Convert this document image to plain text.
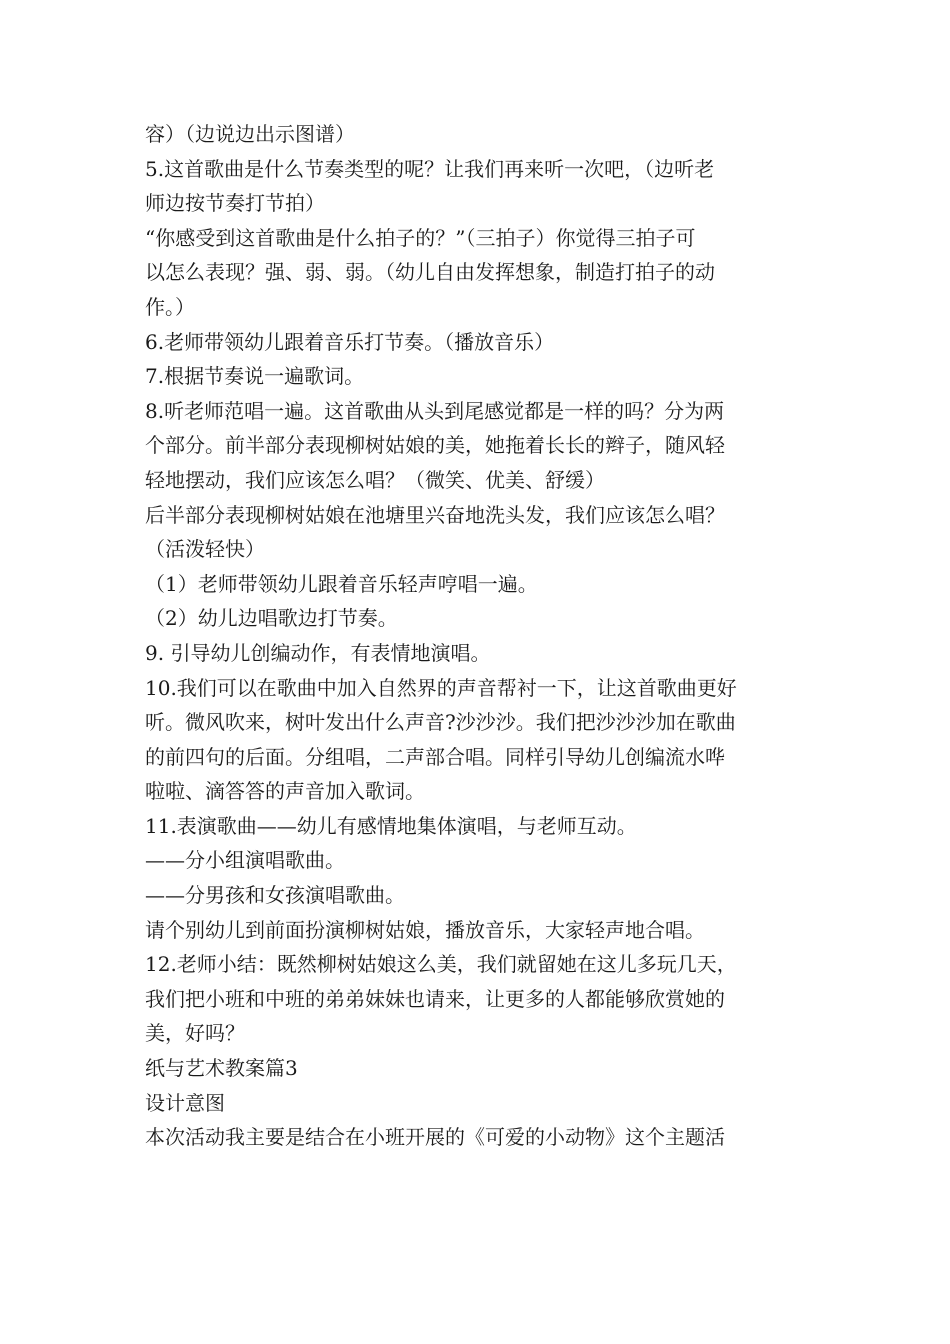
容）（边说边出示图谱）
5.这首歌曲是什么节奏类型的呢？让我们再来听一次吧，（边听老
师边按节奏打节拍）
“你感受到这首歌曲是什么拍子的？”（三拍子）你觉得三拍子可
以怎么表现？强、弱、弱。（幼儿自由发挥想象，制造打拍子的动
作。）
6.老师带领幼儿跟着音乐打节奏。（播放音乐）
7.根据节奏说一遍歌词。
8.听老师范唱一遍。这首歌曲从头到尾感觉都是一样的吗？分为两
个部分。前半部分表现柳树姑娘的美，她拖着长长的辫子，随风轻
轻地摆动，我们应该怎么唱？（微笑、优美、舒缓）
后半部分表现柳树姑娘在池塘里兴奋地洗头发，我们应该怎么唱？
（活泼轻快）
（1）老师带领幼儿跟着音乐轻声哼唱一遍。
（2）幼儿边唱歌边打节奏。
9. 引导幼儿创编动作，有表情地演唱。
10.我们可以在歌曲中加入自然界的声音帮衬一下，让这首歌曲更好
听。微风吹来，树叶发出什么声音?沙沙沙。我们把沙沙沙加在歌曲
的前四句的后面。分组唱，二声部合唱。同样引导幼儿创编流水哗
啦啦、滴答答的声音加入歌词。
11.表演歌曲——幼儿有感情地集体演唱，与老师互动。
——分小组演唱歌曲。
——分男孩和女孩演唱歌曲。
请个别幼儿到前面扮演柳树姑娘，播放音乐，大家轻声地合唱。
12.老师小结：既然柳树姑娘这么美，我们就留她在这儿多玩几天，
我们把小班和中班的弟弟妹妹也请来，让更多的人都能够欣赏她的
美，好吗？
纸与艺术教案篇3
设计意图
本次活动我主要是结合在小班开展的《可爱的小动物》这个主题活
